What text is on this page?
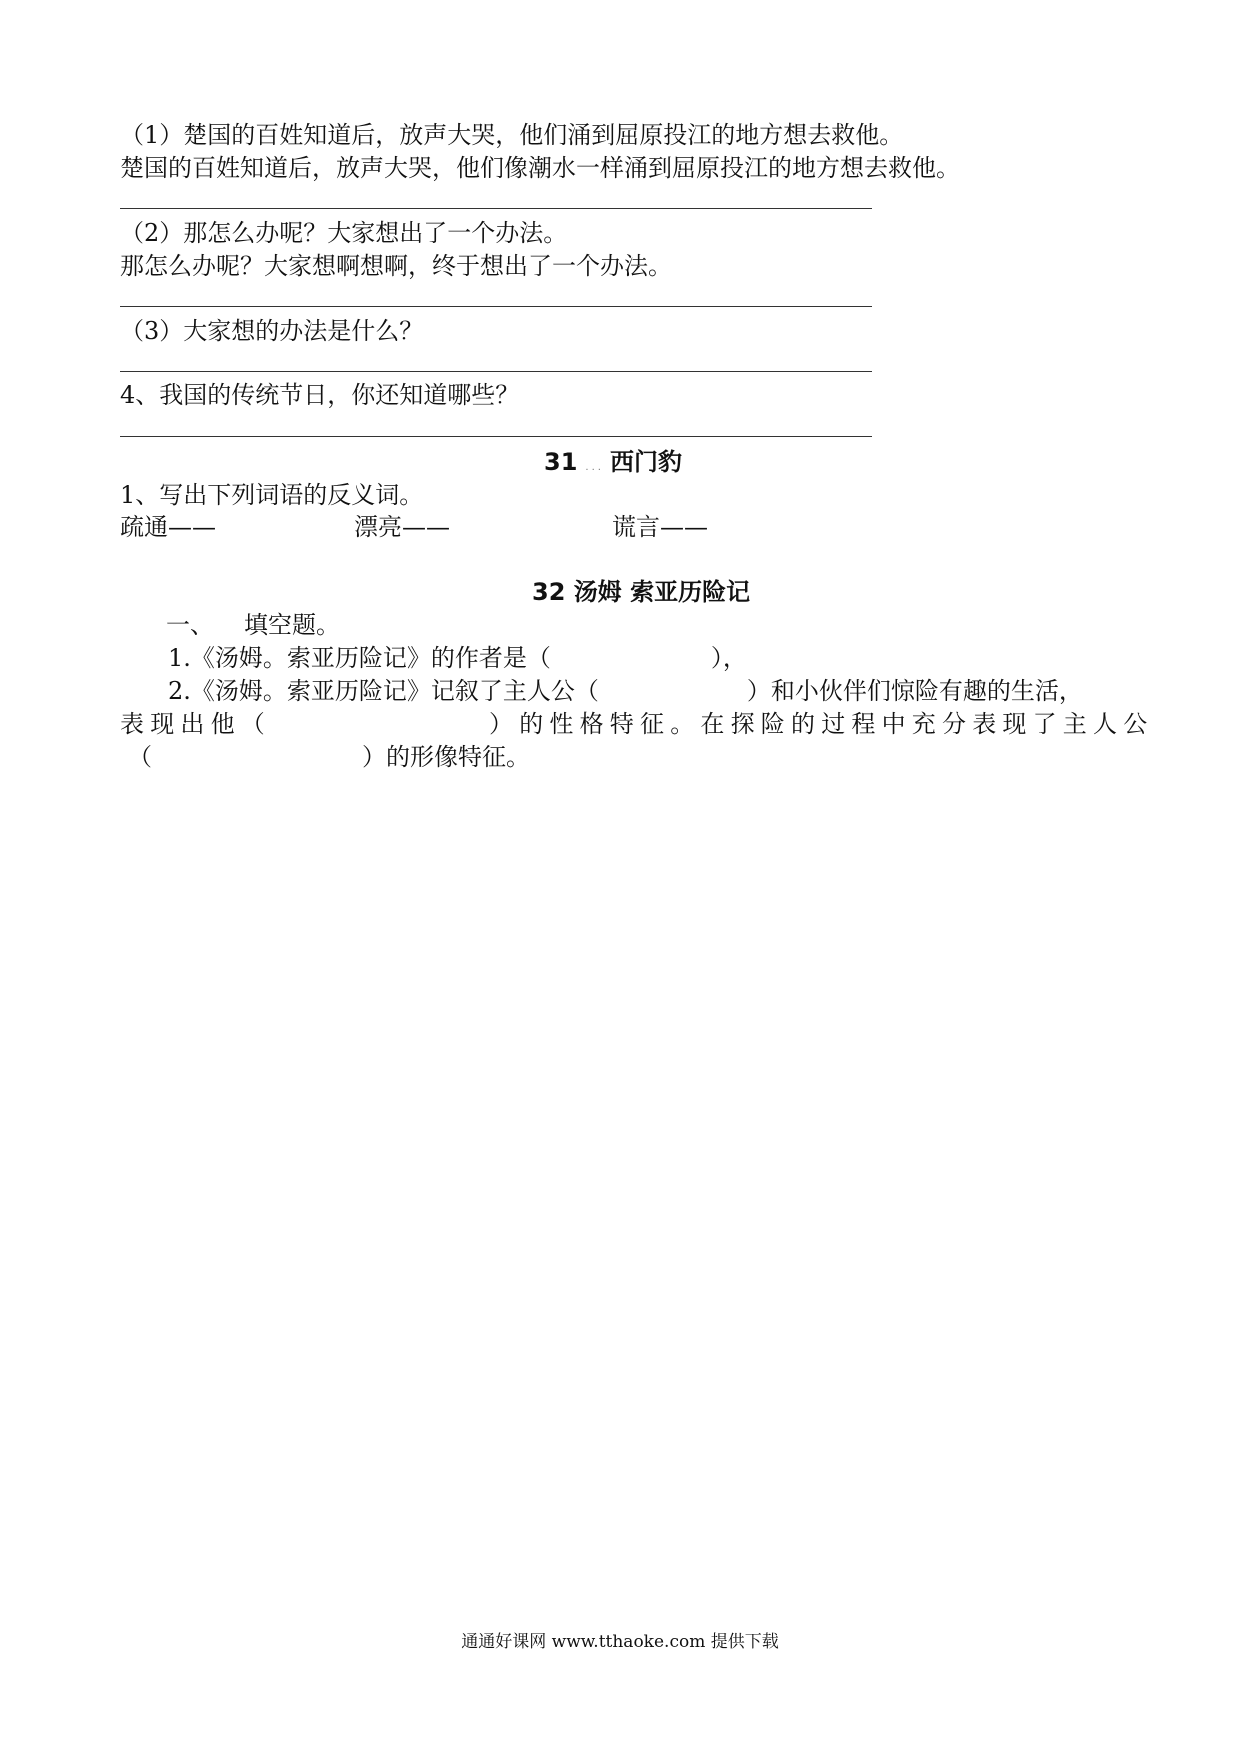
（1）楚国的百姓知道后，放声大哭，他们涌到屈原投江的地方想去救他。
楚国的百姓知道后，放声大哭，他们像潮水一样涌到屈原投江的地方想去救他。
（2）那怎么办呢？大家想出了一个办法。
那怎么办呢？大家想啊想啊，终于想出了一个办法。
（3）大家想的办法是什么？
4、我国的传统节日，你还知道哪些？
31 ... 西门豹
1、写出下列词语的反义词。
疏通——	漂亮——	谎言——
32 汤姆 索亚历险记
一、 填空题。
1.《汤姆。索亚历险记》的作者是（	），
2.《汤姆。索亚历险记》记叙了主人公（	）和小伙伴们惊险有趣的生活，
表现出他（	）的性格特征。在探险的过程中充分表现了主人公
（	）的形像特征。
通通好课网 www.tthaoke.com 提供下载
